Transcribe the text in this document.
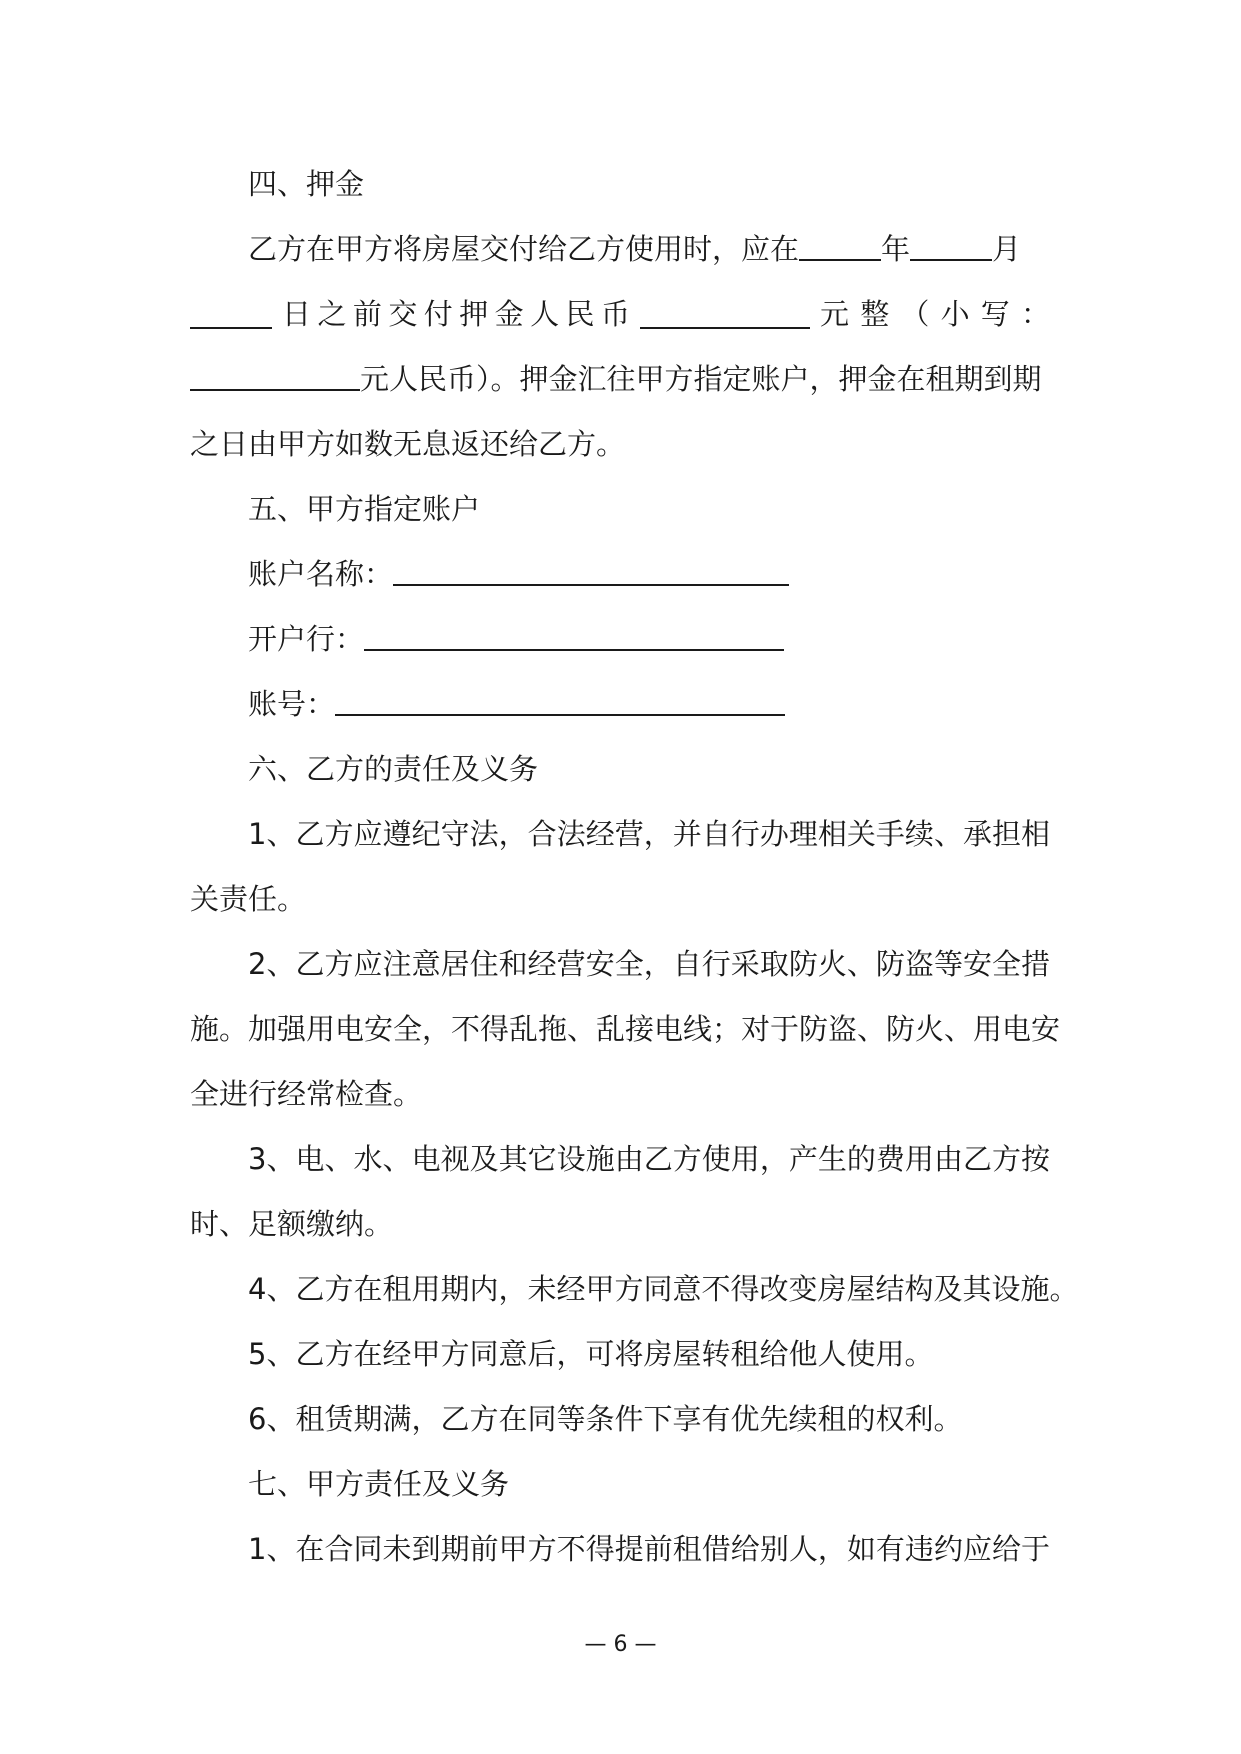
四、押金
乙方在甲方将房屋交付给乙方使用时，应在	年	月
日之前交付押金人民币	元整（小写：
元人民币）。押金汇往甲方指定账户，押金在租期到期
之日由甲方如数无息返还给乙方。
五、甲方指定账户
账户名称：
开户行：
账号：
六、乙方的责任及义务
1、乙方应遵纪守法，合法经营，并自行办理相关手续、承担相
关责任。
2、乙方应注意居住和经营安全，自行采取防火、防盗等安全措
施。加强用电安全，不得乱拖、乱接电线；对于防盗、防火、用电安
全进行经常检查。
3、电、水、电视及其它设施由乙方使用，产生的费用由乙方按
时、足额缴纳。
4、乙方在租用期内，未经甲方同意不得改变房屋结构及其设施。
5、乙方在经甲方同意后，可将房屋转租给他人使用。
6、租赁期满，乙方在同等条件下享有优先续租的权利。
七、甲方责任及义务
1、在合同未到期前甲方不得提前租借给别人，如有违约应给于
— 6 —
